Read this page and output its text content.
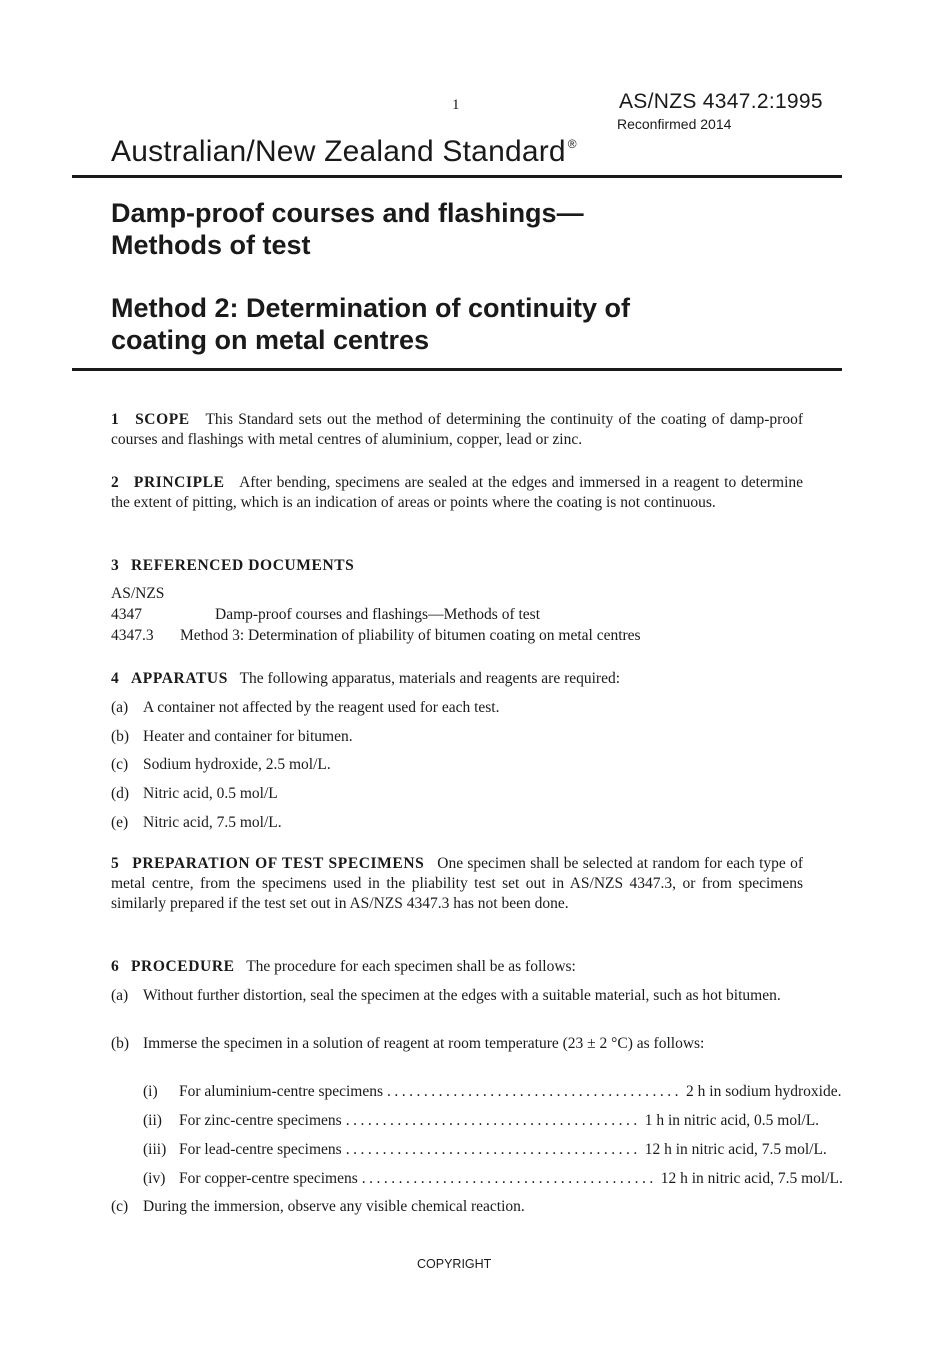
1	AS/NZS 4347.2:1995
Reconfirmed 2014
Australian/New Zealand Standard ®
Damp-proof courses and flashings—
Methods of test
Method 2: Determination of continuity of
coating on metal centres
1 SCOPE This Standard sets out the method of determining the continuity of the coating of damp-proof courses and flashings with metal centres of aluminium, copper, lead or zinc.
2 PRINCIPLE After bending, specimens are sealed at the edges and immersed in a reagent to determine the extent of pitting, which is an indication of areas or points where the coating is not continuous.
3 REFERENCED DOCUMENTS
AS/NZS
4347	Damp-proof courses and flashings—Methods of test
4347.3 Method 3: Determination of pliability of bitumen coating on metal centres
4 APPARATUS The following apparatus, materials and reagents are required:
(a) A container not affected by the reagent used for each test.
(b) Heater and container for bitumen.
(c) Sodium hydroxide, 2.5 mol/L.
(d) Nitric acid, 0.5 mol/L
(e) Nitric acid, 7.5 mol/L.
5 PREPARATION OF TEST SPECIMENS One specimen shall be selected at random for each type of metal centre, from the specimens used in the pliability test set out in AS/NZS 4347.3, or from specimens similarly prepared if the test set out in AS/NZS 4347.3 has not been done.
6 PROCEDURE The procedure for each specimen shall be as follows:
(a) Without further distortion, seal the specimen at the edges with a suitable material, such as hot bitumen.
(b) Immerse the specimen in a solution of reagent at room temperature (23 ± 2 °C) as follows:
(i) For aluminium-centre specimens ........................................ 2 h in sodium hydroxide.
(ii) For zinc-centre specimens ........................................ 1 h in nitric acid, 0.5 mol/L.
(iii) For lead-centre specimens ........................................ 12 h in nitric acid, 7.5 mol/L.
(iv) For copper-centre specimens ........................................ 12 h in nitric acid, 7.5 mol/L.
(c) During the immersion, observe any visible chemical reaction.
COPYRIGHT
